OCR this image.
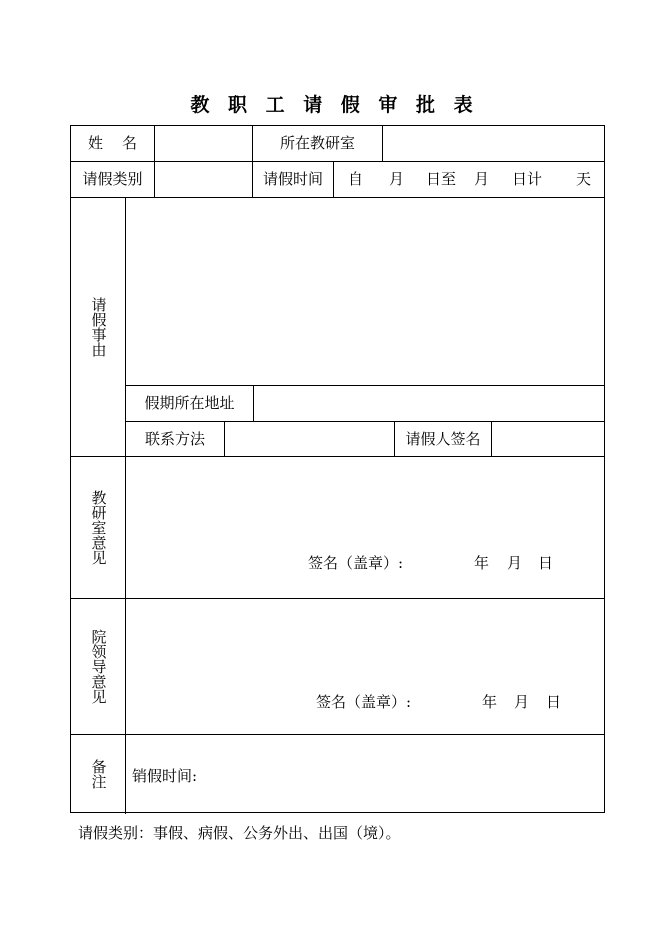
教 职 工 请 假 审 批 表
姓    名	所在教研室
请假类别	请假时间	自 月 日至 月 日计 天
请假事由
假期所在地址
联系方法	请假人签名
教研室意见	签名（盖章）:	年 月 日
院领导意见	签名（盖章）:	年 月 日
备注 销假时间:
请假类别：事假、病假、公务外出、出国（境）。
